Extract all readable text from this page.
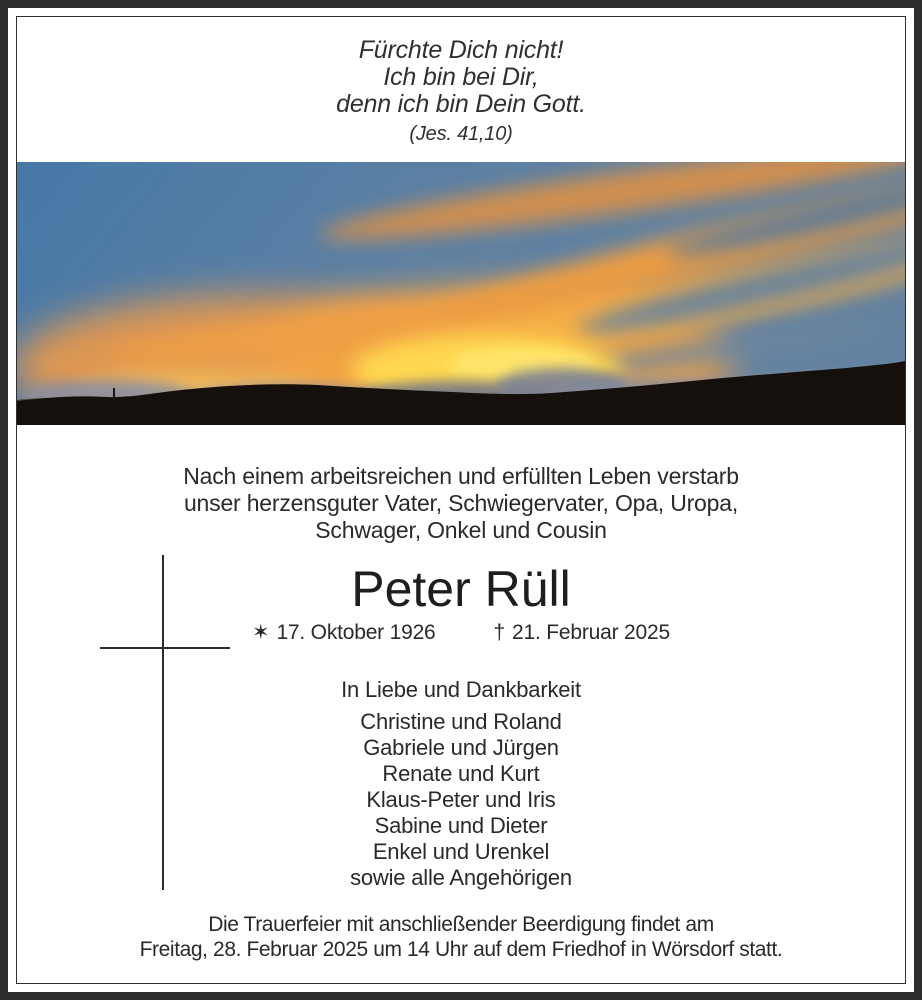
Fürchte Dich nicht!
Ich bin bei Dir,
denn ich bin Dein Gott.
(Jes. 41,10)
Nach einem arbeitsreichen und erfüllten Leben verstarb
unser herzensguter Vater, Schwiegervater, Opa, Uropa,
Schwager, Onkel und Cousin
Peter Rüll
✶ 17. Oktober 1926	† 21. Februar 2025
In Liebe und Dankbarkeit
Christine und Roland
Gabriele und Jürgen
Renate und Kurt
Klaus-Peter und Iris
Sabine und Dieter
Enkel und Urenkel
sowie alle Angehörigen
Die Trauerfeier mit anschließender Beerdigung findet am
Freitag, 28. Februar 2025 um 14 Uhr auf dem Friedhof in Wörsdorf statt.
